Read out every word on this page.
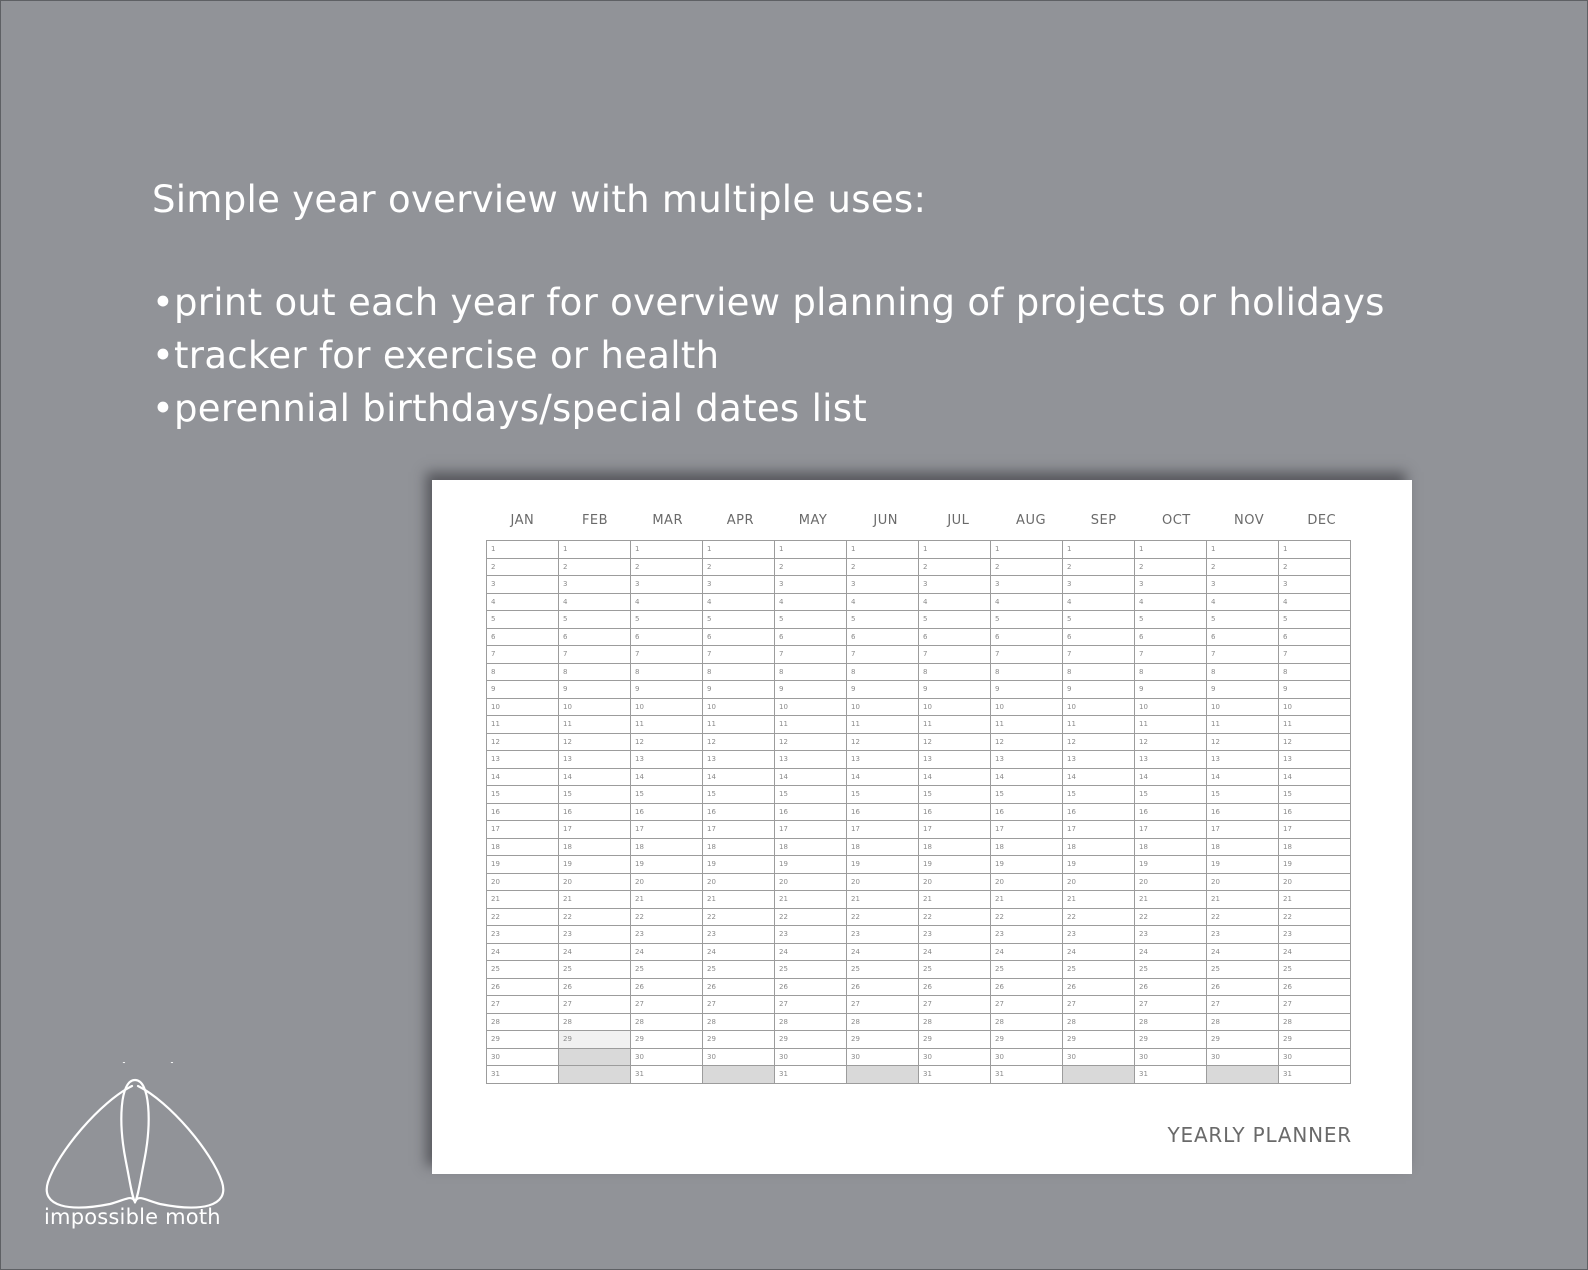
Simple year overview with multiple uses:
•print out each year for overview planning of projects or holidays
•tracker for exercise or health
•perennial birthdays/special dates list
JAN	FEB	MAR	APR	MAY	JUN	JUL	AUG	SEP	OCT	NOV	DEC
1	1	1	1	1	1	1	1	1	1	1	1
2	2	2	2	2	2	2	2	2	2	2	2
3	3	3	3	3	3	3	3	3	3	3	3
4	4	4	4	4	4	4	4	4	4	4	4
5	5	5	5	5	5	5	5	5	5	5	5
6	6	6	6	6	6	6	6	6	6	6	6
7	7	7	7	7	7	7	7	7	7	7	7
8	8	8	8	8	8	8	8	8	8	8	8
9	9	9	9	9	9	9	9	9	9	9	9
10	10	10	10	10	10	10	10	10	10	10	10
11	11	11	11	11	11	11	11	11	11	11	11
12	12	12	12	12	12	12	12	12	12	12	12
13	13	13	13	13	13	13	13	13	13	13	13
14	14	14	14	14	14	14	14	14	14	14	14
15	15	15	15	15	15	15	15	15	15	15	15
16	16	16	16	16	16	16	16	16	16	16	16
17	17	17	17	17	17	17	17	17	17	17	17
18	18	18	18	18	18	18	18	18	18	18	18
19	19	19	19	19	19	19	19	19	19	19	19
20	20	20	20	20	20	20	20	20	20	20	20
21	21	21	21	21	21	21	21	21	21	21	21
22	22	22	22	22	22	22	22	22	22	22	22
23	23	23	23	23	23	23	23	23	23	23	23
24	24	24	24	24	24	24	24	24	24	24	24
25	25	25	25	25	25	25	25	25	25	25	25
26	26	26	26	26	26	26	26	26	26	26	26
27	27	27	27	27	27	27	27	27	27	27	27
28	28	28	28	28	28	28	28	28	28	28	28
29	29	29	29	29	29	29	29	29	29	29	29
30		30	30	30	30	30	30	30	30	30	30
31		31		31		31	31		31		31
YEARLY PLANNER
impossible moth
